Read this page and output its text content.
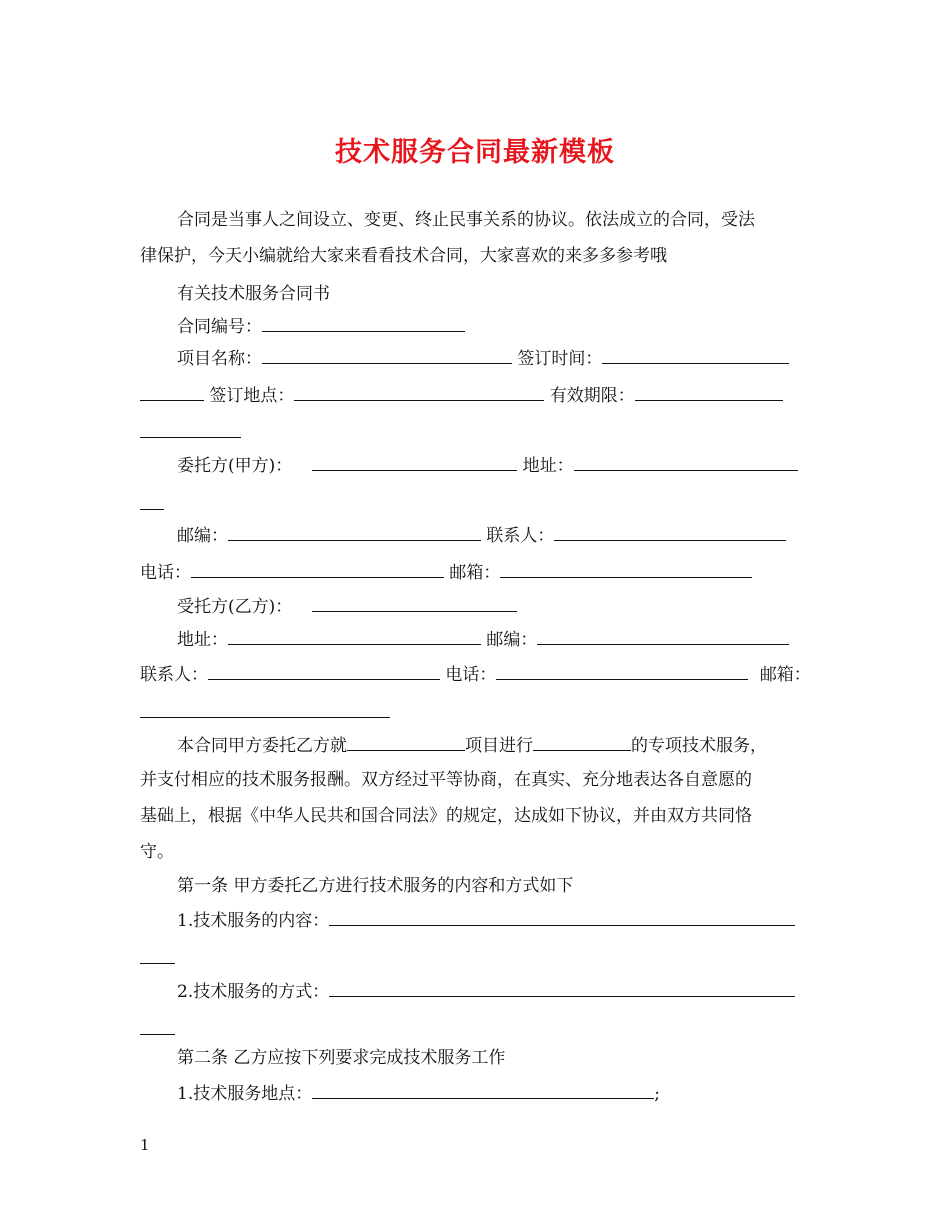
技术服务合同最新模板
合同是当事人之间设立、变更、终止民事关系的协议。依法成立的合同，受法
律保护，今天小编就给大家来看看技术合同，大家喜欢的来多多参考哦
有关技术服务合同书
合同编号：
项目名称：	签订时间：
签订地点：	有效期限：
委托方(甲方)：	地址：
邮编：	联系人：
电话：	邮箱：
受托方(乙方)：
地址：	邮编：
联系人：	电话：	邮箱：
本合同甲方委托乙方就	项目进行	的专项技术服务，
并支付相应的技术服务报酬。双方经过平等协商，在真实、充分地表达各自意愿的
基础上，根据《中华人民共和国合同法》的规定，达成如下协议，并由双方共同恪
守。
第一条 甲方委托乙方进行技术服务的内容和方式如下
1.技术服务的内容：
2.技术服务的方式：
第二条 乙方应按下列要求完成技术服务工作
1.技术服务地点：	;
1
